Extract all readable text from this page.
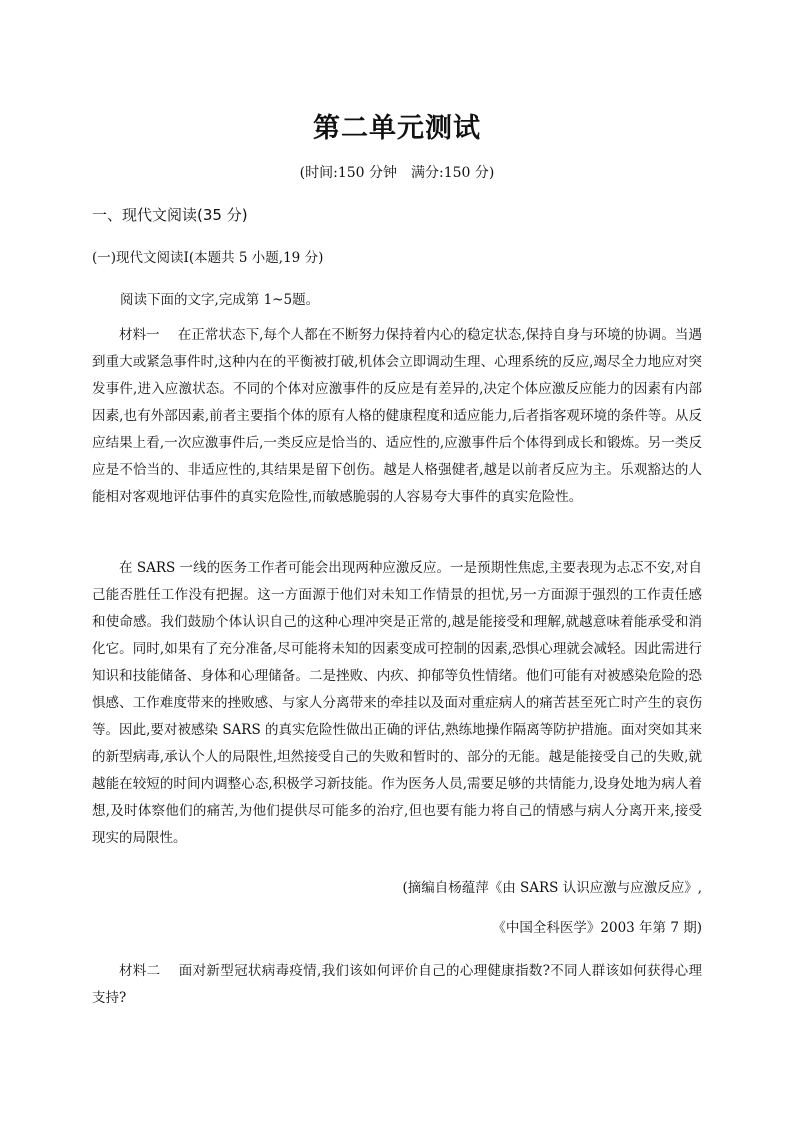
第二单元测试
(时间:150 分钟　满分:150 分)
一、现代文阅读(35 分)
(一)现代文阅读Ⅰ(本题共 5 小题,19 分)
阅读下面的文字,完成第 1~5题。

材料一 在正常状态下,每个人都在不断努力保持着内心的稳定状态,保持自身与环境的协调。当遇到重大或紧急事件时,这种内在的平衡被打破,机体会立即调动生理、心理系统的反应,竭尽全力地应对突发事件,进入应激状态。不同的个体对应激事件的反应是有差异的,决定个体应激反应能力的因素有内部因素,也有外部因素,前者主要指个体的原有人格的健康程度和适应能力,后者指客观环境的条件等。从反应结果上看,一次应激事件后,一类反应是恰当的、适应性的,应激事件后个体得到成长和锻炼。另一类反应是不恰当的、非适应性的,其结果是留下创伤。越是人格强健者,越是以前者反应为主。乐观豁达的人能相对客观地评估事件的真实危险性,而敏感脆弱的人容易夸大事件的真实危险性。

在 SARS 一线的医务工作者可能会出现两种应激反应。一是预期性焦虑,主要表现为忐忑不安,对自己能否胜任工作没有把握。这一方面源于他们对未知工作情景的担忧,另一方面源于强烈的工作责任感和使命感。我们鼓励个体认识自己的这种心理冲突是正常的,越是能接受和理解,就越意味着能承受和消化它。同时,如果有了充分准备,尽可能将未知的因素变成可控制的因素,恐惧心理就会减轻。因此需进行知识和技能储备、身体和心理储备。二是挫败、内疚、抑郁等负性情绪。他们可能有对被感染危险的恐惧感、工作难度带来的挫败感、与家人分离带来的牵挂以及面对重症病人的痛苦甚至死亡时产生的哀伤等。因此,要对被感染 SARS 的真实危险性做出正确的评估,熟练地操作隔离等防护措施。面对突如其来的新型病毒,承认个人的局限性,坦然接受自己的失败和暂时的、部分的无能。越是能接受自己的失败,就越能在较短的时间内调整心态,积极学习新技能。作为医务人员,需要足够的共情能力,设身处地为病人着想,及时体察他们的痛苦,为他们提供尽可能多的治疗,但也要有能力将自己的情感与病人分离开来,接受现实的局限性。

(摘编自杨蕴萍《由 SARS 认识应激与应激反应》,
《中国全科医学》2003 年第 7 期)

材料二 面对新型冠状病毒疫情,我们该如何评价自己的心理健康指数?不同人群该如何获得心理支持?
